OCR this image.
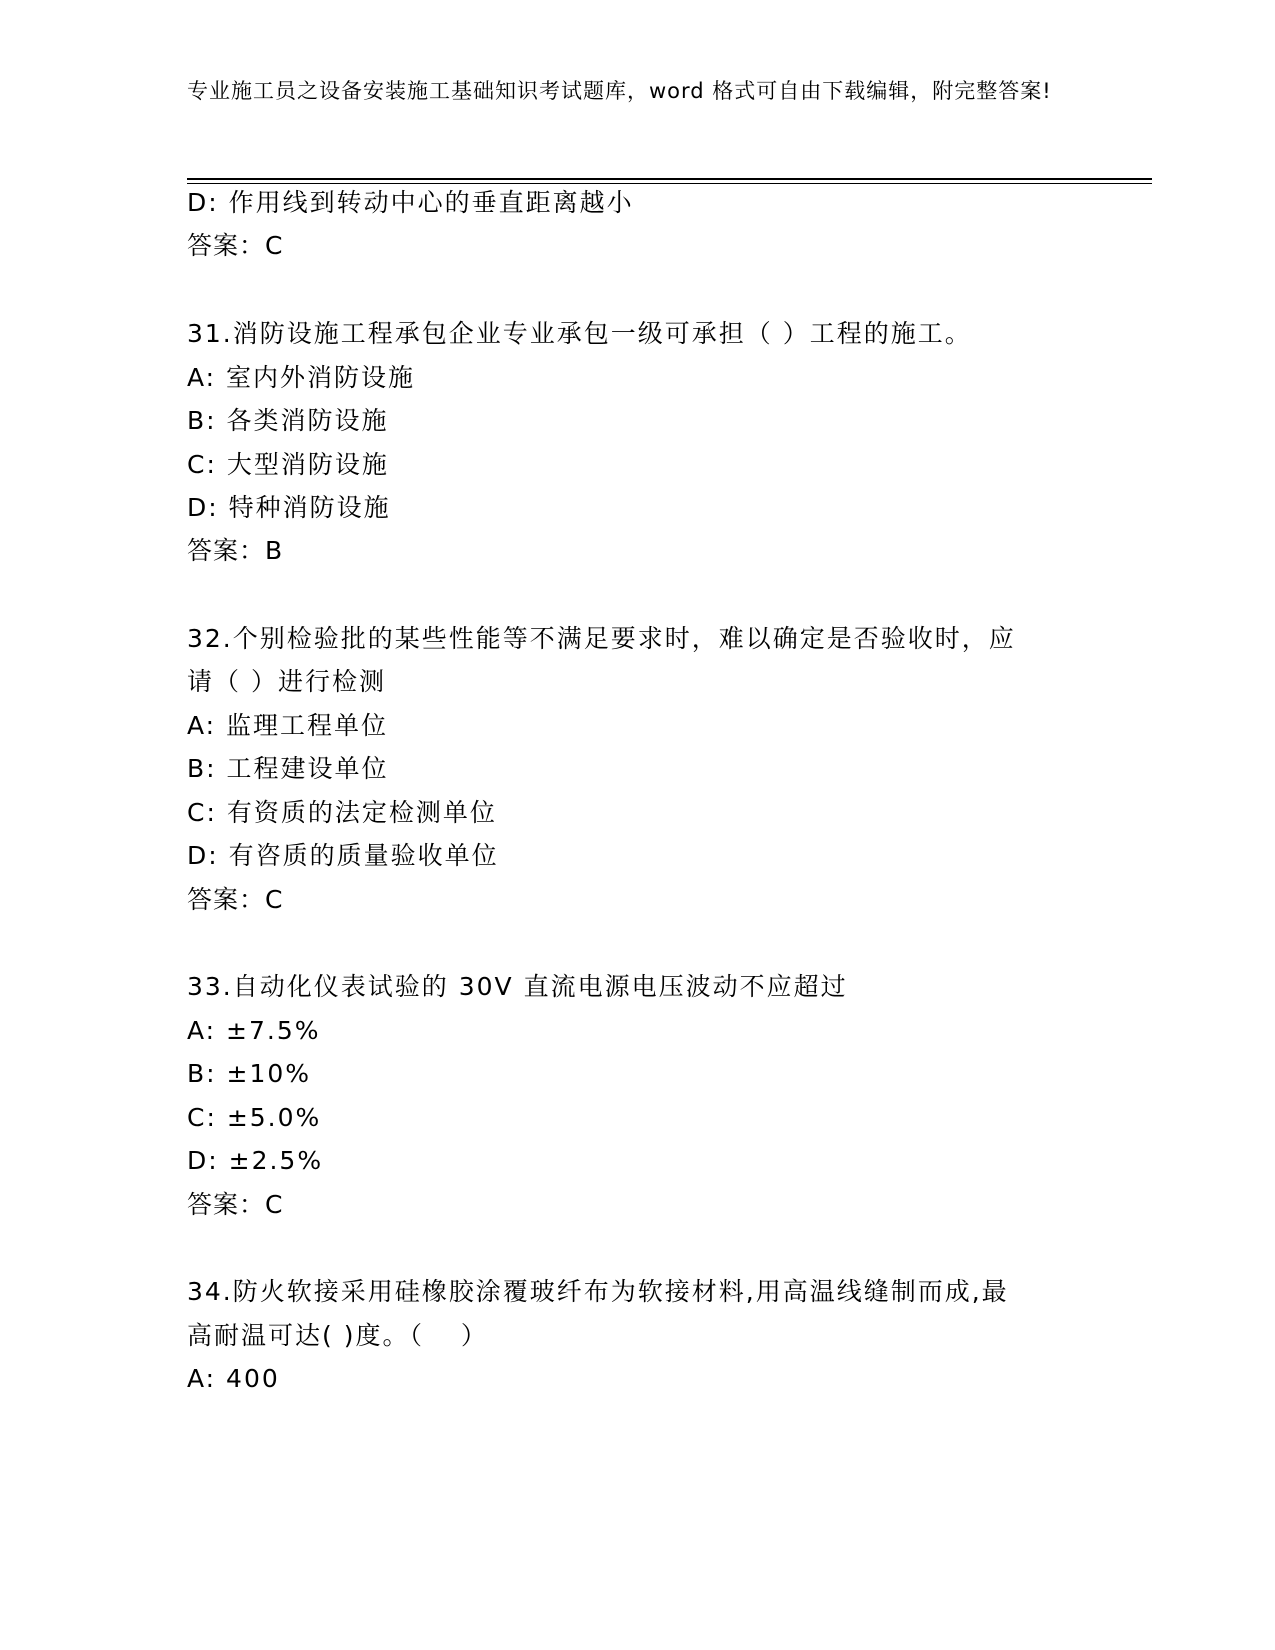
专业施工员之设备安装施工基础知识考试题库，word 格式可自由下载编辑，附完整答案!
D: 作用线到转动中心的垂直距离越小
答案：C
31.消防设施工程承包企业专业承包一级可承担（ ）工程的施工。
A: 室内外消防设施
B: 各类消防设施
C: 大型消防设施
D: 特种消防设施
答案：B
32.个别检验批的某些性能等不满足要求时，难以确定是否验收时，应
请（ ）进行检测
A: 监理工程单位
B: 工程建设单位
C: 有资质的法定检测单位
D: 有咨质的质量验收单位
答案：C
33.自动化仪表试验的 30V 直流电源电压波动不应超过
A: ±7.5%
B: ±10%
C: ±5.0%
D: ±2.5%
答案：C
34.防火软接采用硅橡胶涂覆玻纤布为软接材料,用高温线缝制而成,最
高耐温可达( )度。（　 ）
A: 400
